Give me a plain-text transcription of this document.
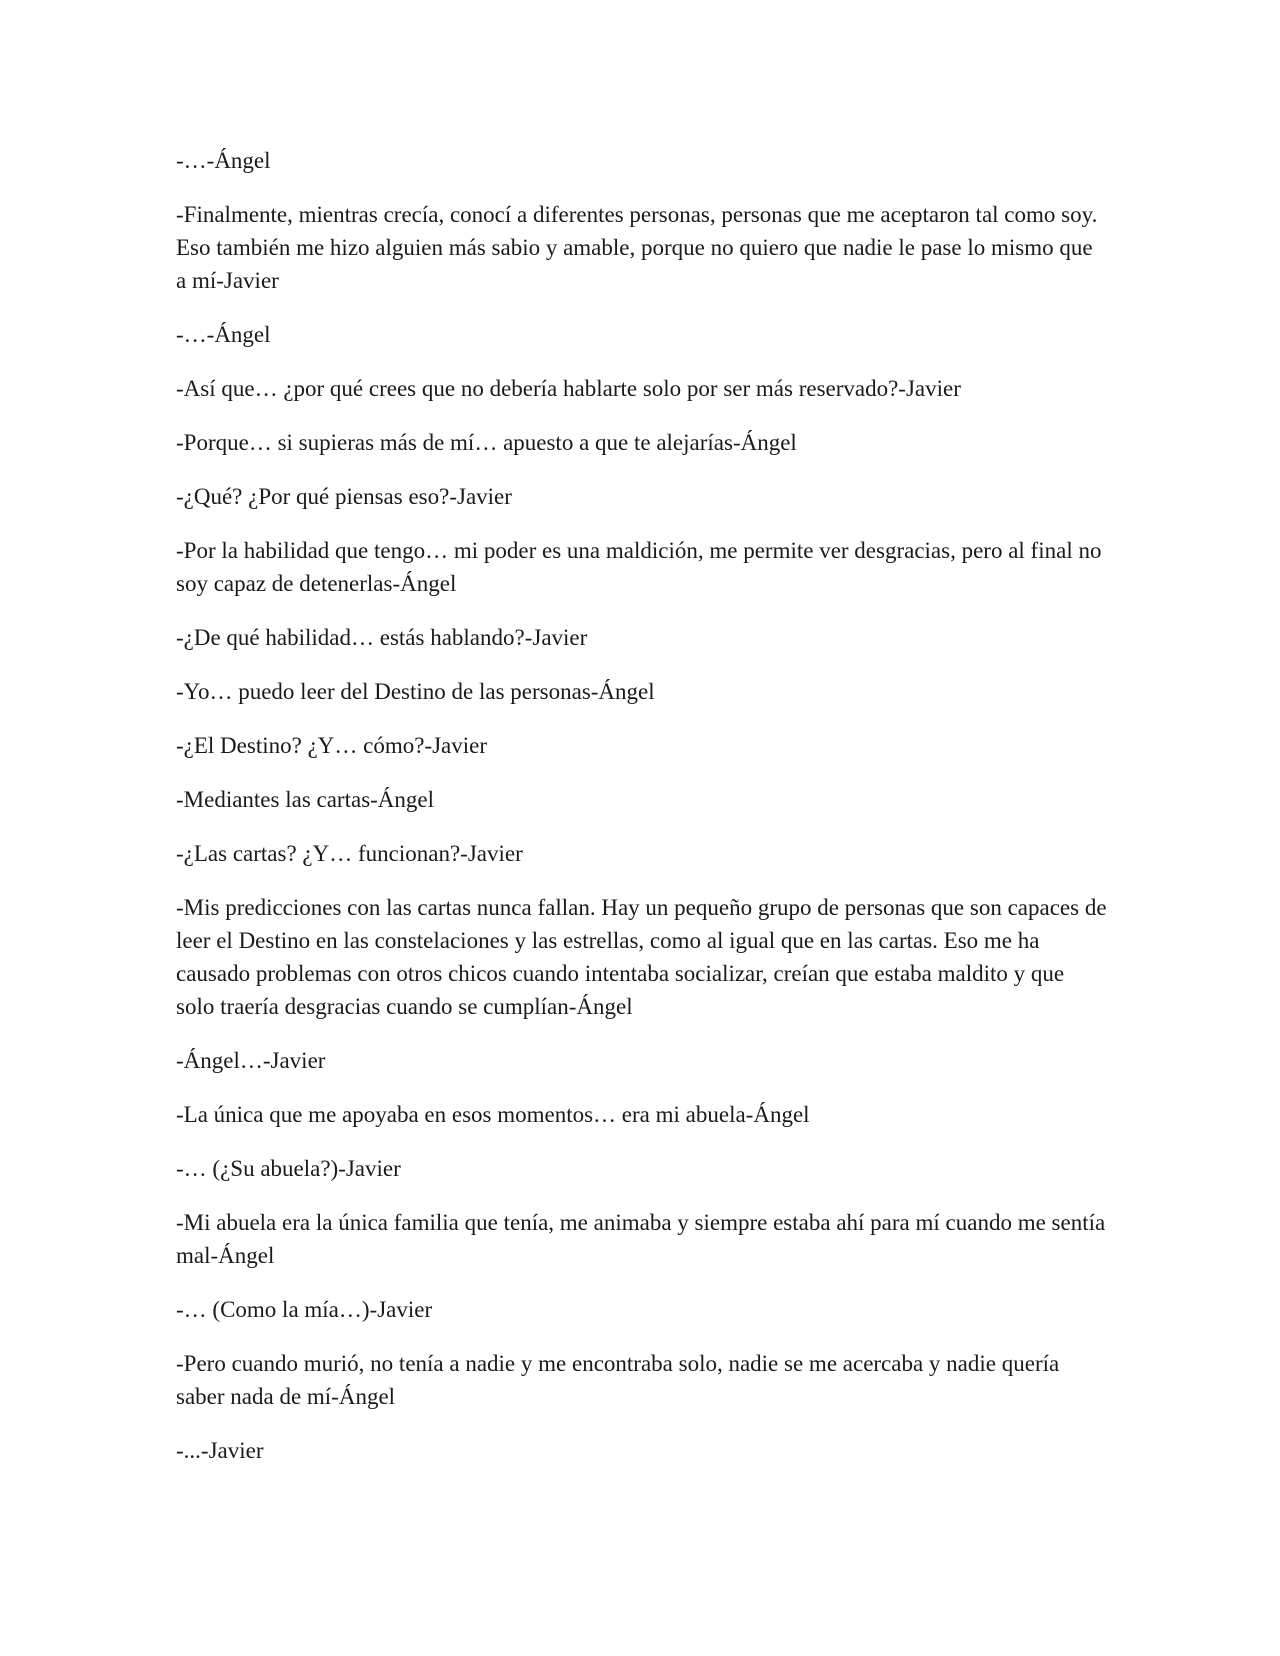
-…-Ángel

-Finalmente, mientras crecía, conocí a diferentes personas, personas que me aceptaron tal como soy. Eso también me hizo alguien más sabio y amable, porque no quiero que nadie le pase lo mismo que a mí-Javier

-…-Ángel

-Así que… ¿por qué crees que no debería hablarte solo por ser más reservado?-Javier

-Porque… si supieras más de mí… apuesto a que te alejarías-Ángel

-¿Qué? ¿Por qué piensas eso?-Javier

-Por la habilidad que tengo… mi poder es una maldición, me permite ver desgracias, pero al final no soy capaz de detenerlas-Ángel

-¿De qué habilidad… estás hablando?-Javier

-Yo… puedo leer del Destino de las personas-Ángel

-¿El Destino? ¿Y… cómo?-Javier

-Mediantes las cartas-Ángel

-¿Las cartas? ¿Y… funcionan?-Javier

-Mis predicciones con las cartas nunca fallan. Hay un pequeño grupo de personas que son capaces de leer el Destino en las constelaciones y las estrellas, como al igual que en las cartas. Eso me ha causado problemas con otros chicos cuando intentaba socializar, creían que estaba maldito y que solo traería desgracias cuando se cumplían-Ángel

-Ángel…-Javier

-La única que me apoyaba en esos momentos… era mi abuela-Ángel

-… (¿Su abuela?)-Javier

-Mi abuela era la única familia que tenía, me animaba y siempre estaba ahí para mí cuando me sentía mal-Ángel

-… (Como la mía…)-Javier

-Pero cuando murió, no tenía a nadie y me encontraba solo, nadie se me acercaba y nadie quería saber nada de mí-Ángel

-...-Javier
